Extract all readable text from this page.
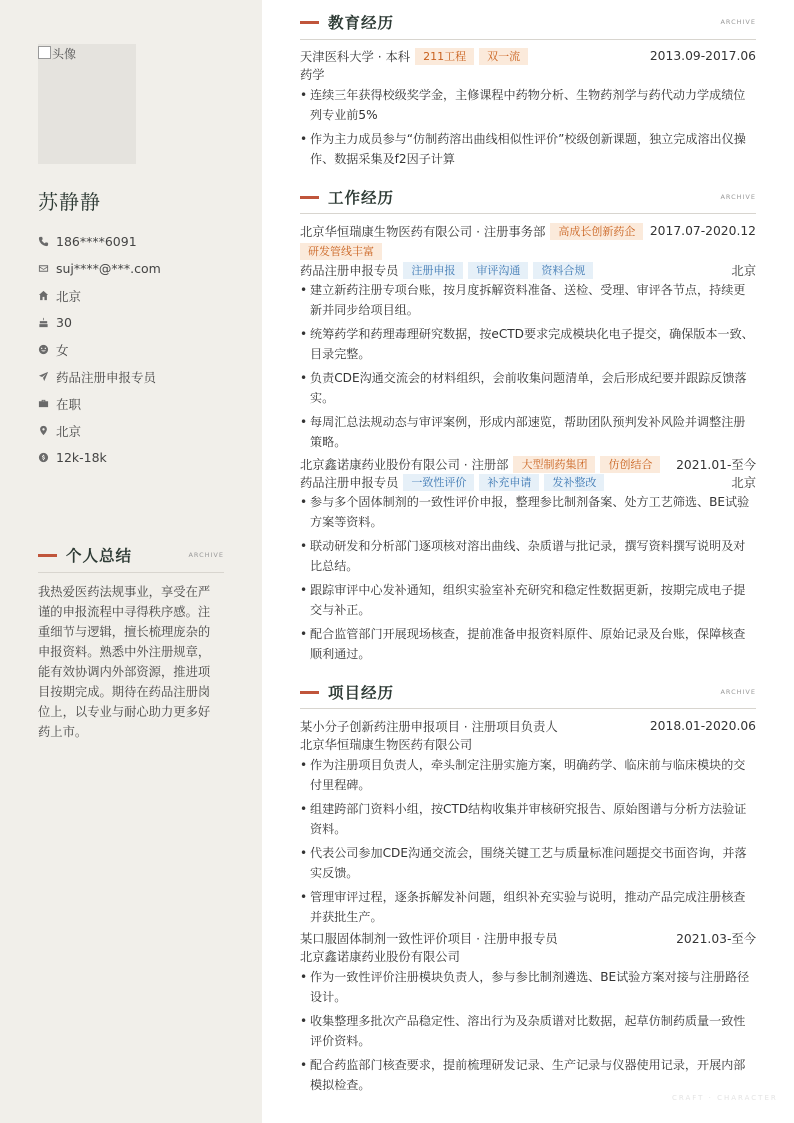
头像
苏静静
186****6091
suj****@***.com
北京
30
女
药品注册申报专员
在职
北京
12k-18k
个人总结	ARCHIVE
我热爱医药法规事业，享受在严谨的申报流程中寻得秩序感。注重细节与逻辑，擅长梳理庞杂的申报资料。熟悉中外注册规章，能有效协调内外部资源，推进项目按期完成。期待在药品注册岗位上，以专业与耐心助力更多好药上市。
教育经历	ARCHIVE
天津医科大学 · 本科	211工程	双一流	2013.09-2017.06
药学
• 连续三年获得校级奖学金，主修课程中药物分析、生物药剂学与药代动力学成绩位列专业前5%
• 作为主力成员参与“仿制药溶出曲线相似性评价”校级创新课题，独立完成溶出仪操作、数据采集及f2因子计算
工作经历	ARCHIVE
北京华恒瑞康生物医药有限公司 · 注册事务部	高成长创新药企
研发管线丰富
2017.07-2020.12
药品注册申报专员	注册申报	审评沟通	资料合规	北京
• 建立新药注册专项台账，按月度拆解资料准备、送检、受理、审评各节点，持续更新并同步给项目组。
• 统筹药学和药理毒理研究数据，按eCTD要求完成模块化电子提交，确保版本一致、目录完整。
• 负责CDE沟通交流会的材料组织，会前收集问题清单，会后形成纪要并跟踪反馈落实。
• 每周汇总法规动态与审评案例，形成内部速览，帮助团队预判发补风险并调整注册策略。
北京鑫诺康药业股份有限公司 · 注册部	大型制药集团	仿创结合	2021.01-至今
药品注册申报专员	一致性评价	补充申请	发补整改	北京
• 参与多个固体制剂的一致性评价申报，整理参比制剂备案、处方工艺筛选、BE试验方案等资料。
• 联动研发和分析部门逐项核对溶出曲线、杂质谱与批记录，撰写资料撰写说明及对比总结。
• 跟踪审评中心发补通知，组织实验室补充研究和稳定性数据更新，按期完成电子提交与补正。
• 配合监管部门开展现场核查，提前准备申报资料原件、原始记录及台账，保障核查顺利通过。
项目经历	ARCHIVE
某小分子创新药注册申报项目 · 注册项目负责人	2018.01-2020.06
北京华恒瑞康生物医药有限公司
• 作为注册项目负责人，牵头制定注册实施方案，明确药学、临床前与临床模块的交付里程碑。
• 组建跨部门资料小组，按CTD结构收集并审核研究报告、原始图谱与分析方法验证资料。
• 代表公司参加CDE沟通交流会，围绕关键工艺与质量标准问题提交书面咨询，并落实反馈。
• 管理审评过程，逐条拆解发补问题，组织补充实验与说明，推动产品完成注册核查并获批生产。
某口服固体制剂一致性评价项目 · 注册申报专员	2021.03-至今
北京鑫诺康药业股份有限公司
• 作为一致性评价注册模块负责人，参与参比制剂遴选、BE试验方案对接与注册路径设计。
• 收集整理多批次产品稳定性、溶出行为及杂质谱对比数据，起草仿制药质量一致性评价资料。
• 配合药监部门核查要求，提前梳理研发记录、生产记录与仪器使用记录，开展内部模拟检查。
CRAFT · CHARACTER
